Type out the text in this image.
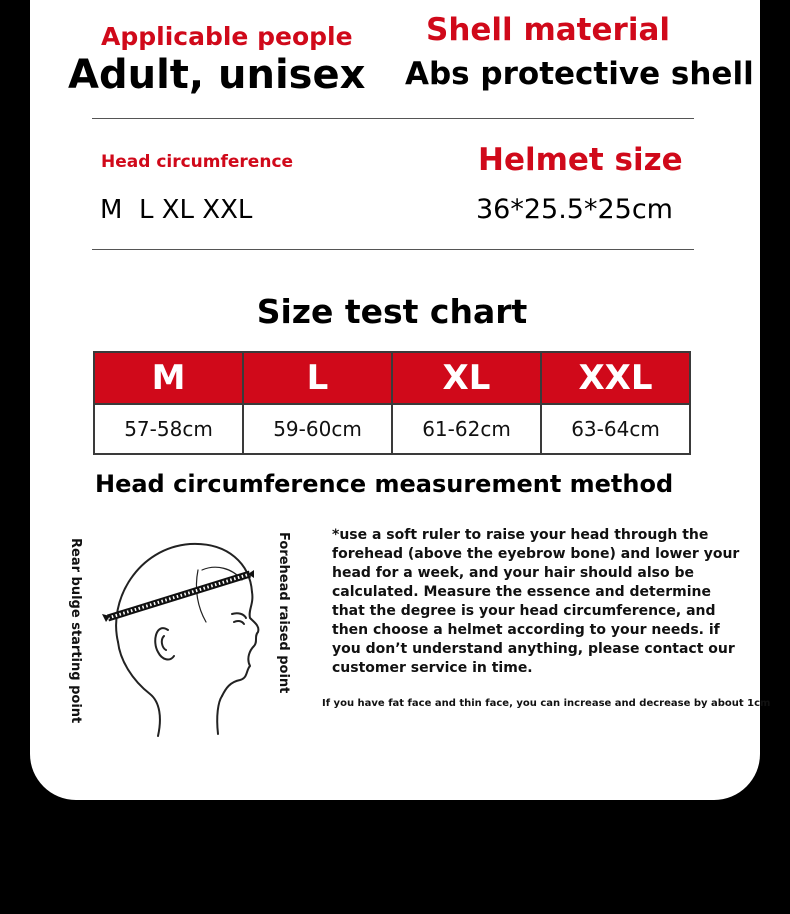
Applicable people
Adult, unisex
Shell material
Abs protective shell
Head circumference
M  L XL XXL
Helmet size
36*25.5*25cm
Size test chart
M	L	XL	XXL
57-58cm	59-60cm	61-62cm	63-64cm
Head circumference measurement method
Rear bulge starting point	Forehead raised point	*use a soft ruler to raise your head through the forehead (above the eyebrow bone) and lower your head for a week, and your hair should also be calculated. Measure the essence and determine that the degree is your head circumference, and then choose a helmet according to your needs. if you don’t understand anything, please contact our customer service in time.
If you have fat face and thin face, you can increase and decrease by about 1cm
